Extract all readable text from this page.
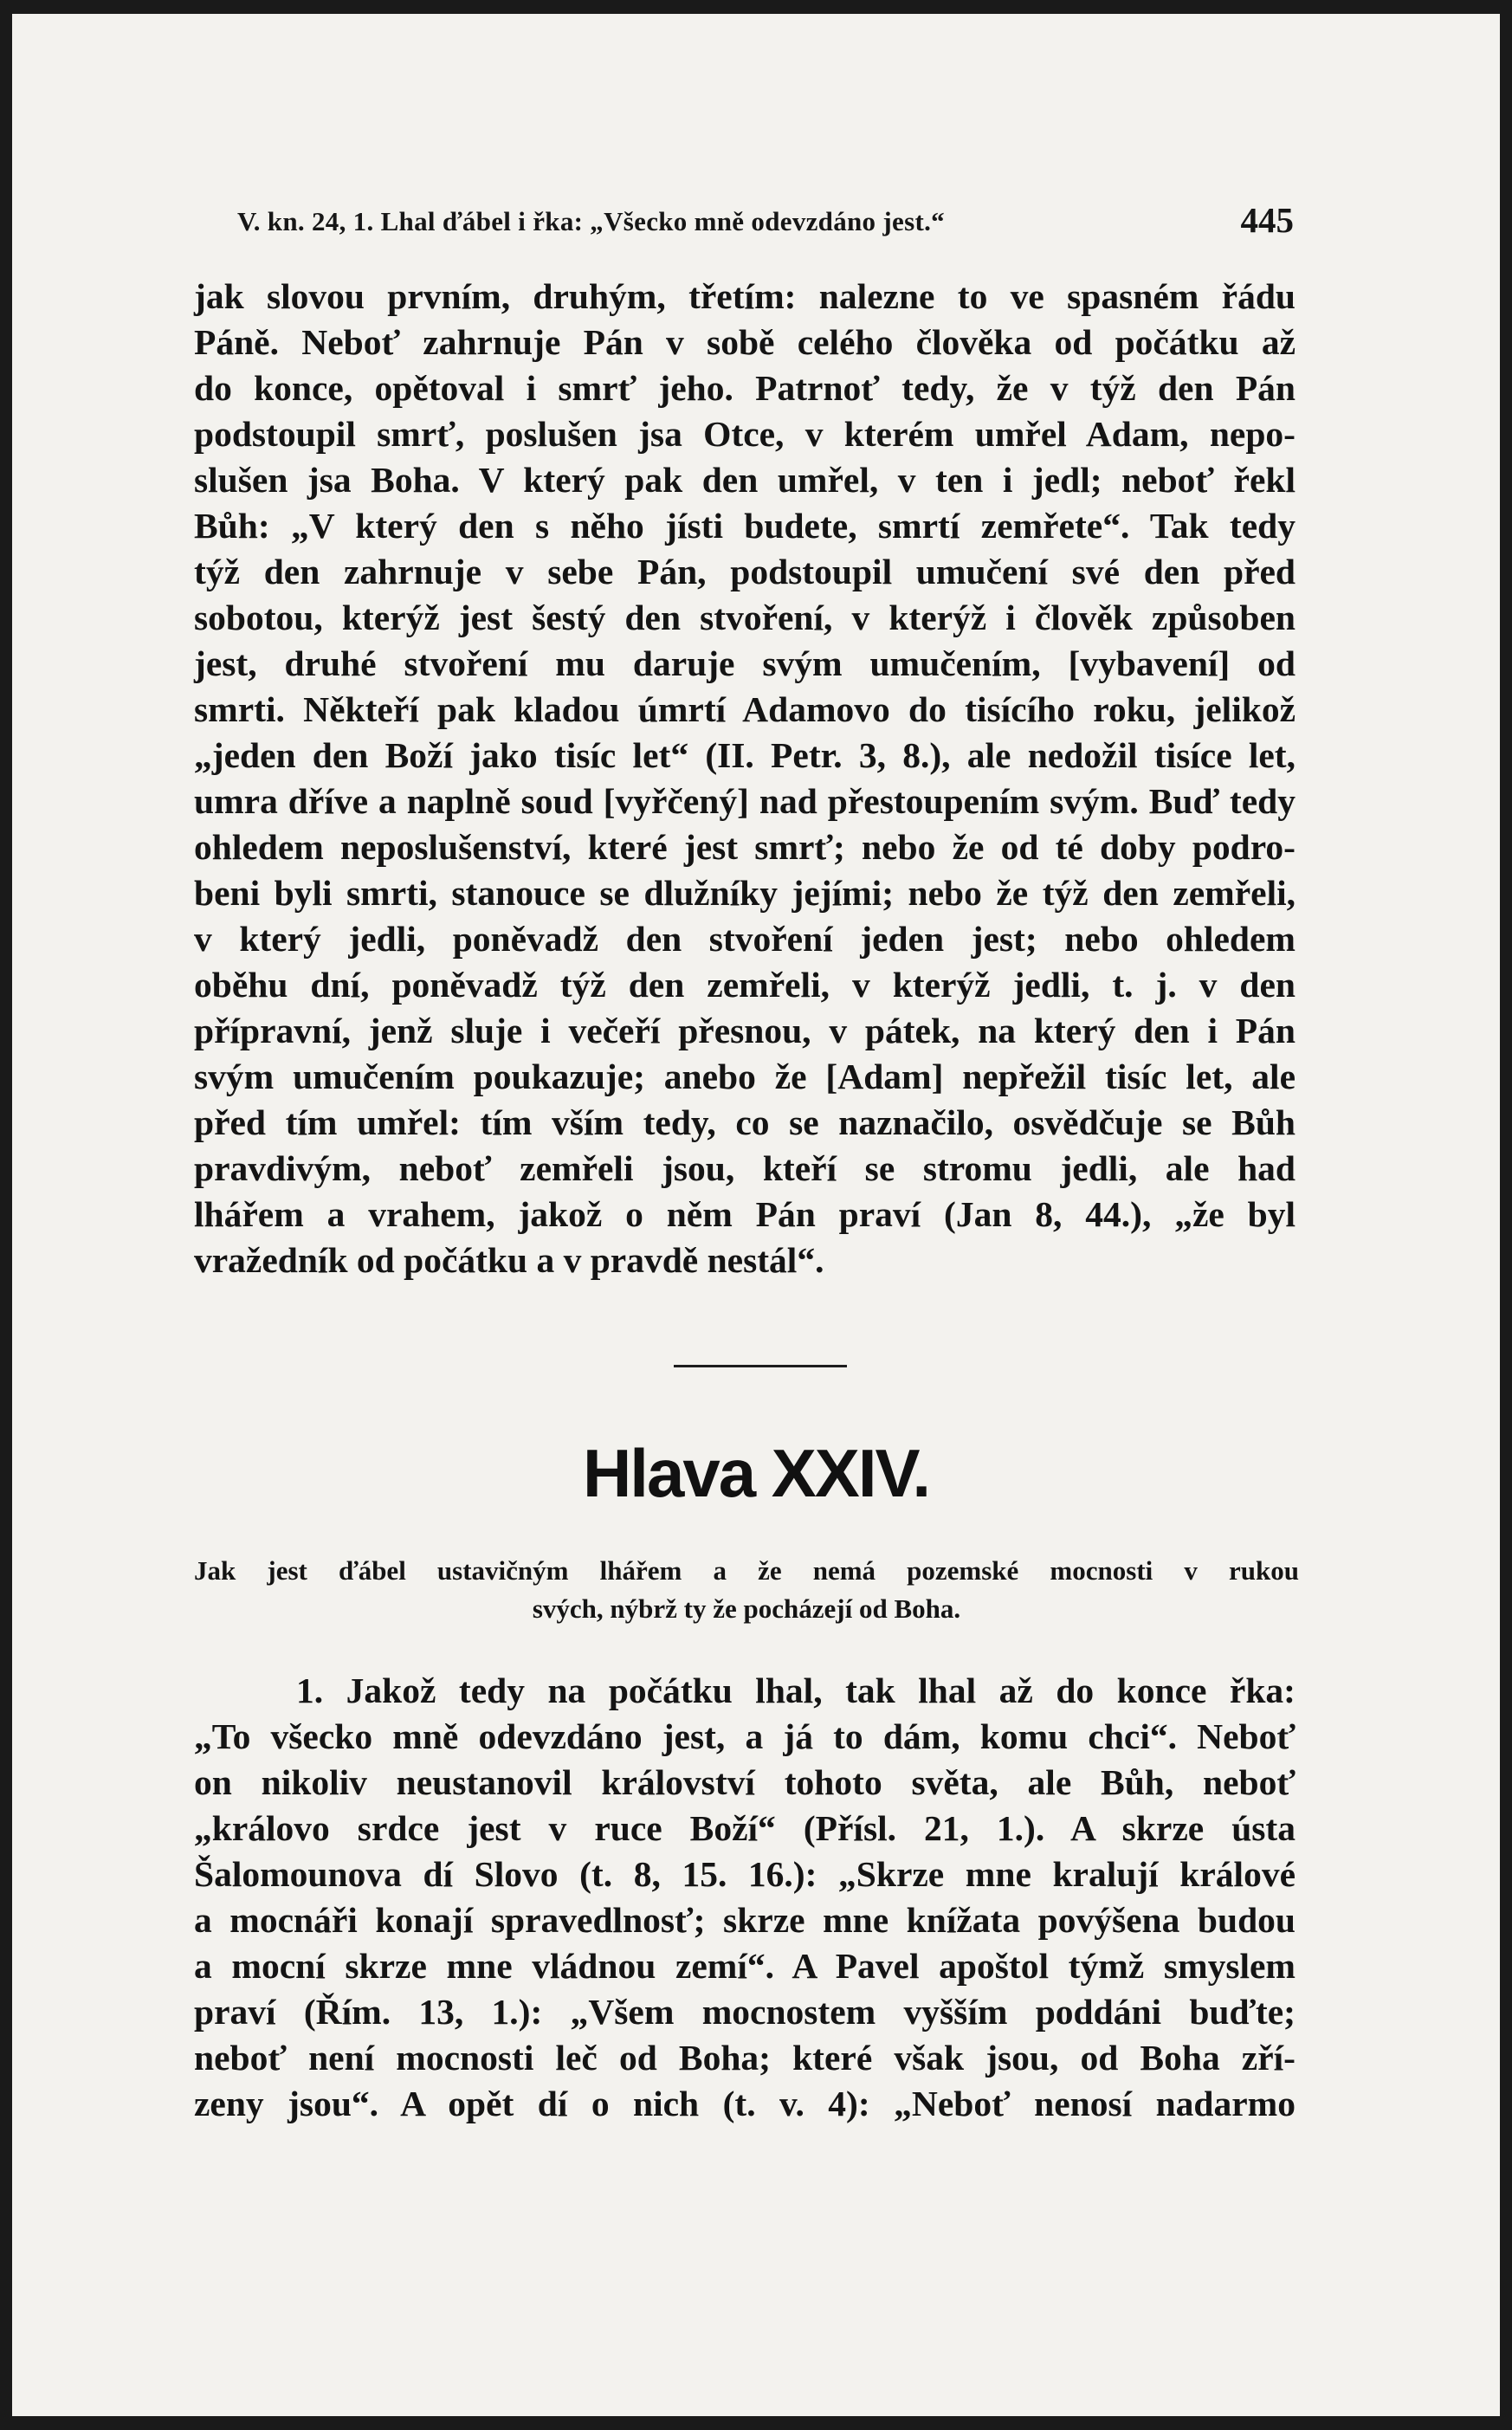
V. kn. 24, 1. Lhal ďábel i řka: „Všecko mně odevzdáno jest.“	445
jak slovou prvním, druhým, třetím: nalezne to ve spasném řádu
Páně. Neboť zahrnuje Pán v sobě celého člověka od počátku až
do konce, opětoval i smrť jeho. Patrnoť tedy, že v týž den Pán
podstoupil smrť, poslušen jsa Otce, v kterém umřel Adam, nepo-
slušen jsa Boha. V který pak den umřel, v ten i jedl; neboť řekl
Bůh: „V který den s něho jísti budete, smrtí zemřete“. Tak tedy
týž den zahrnuje v sebe Pán, podstoupil umučení své den před
sobotou, kterýž jest šestý den stvoření, v kterýž i člověk způsoben
jest, druhé stvoření mu daruje svým umučením, [vybavení] od
smrti. Někteří pak kladou úmrtí Adamovo do tisícího roku, jelikož
„jeden den Boží jako tisíc let“ (II. Petr. 3, 8.), ale nedožil tisíce let,
umra dříve a naplně soud [vyřčený] nad přestoupením svým. Buď tedy
ohledem neposlušenství, které jest smrť; nebo že od té doby podro-
beni byli smrti, stanouce se dlužníky jejími; nebo že týž den zemřeli,
v který jedli, poněvadž den stvoření jeden jest; nebo ohledem
oběhu dní, poněvadž týž den zemřeli, v kterýž jedli, t. j. v den
přípravní, jenž sluje i večeří přesnou, v pátek, na který den i Pán
svým umučením poukazuje; anebo že [Adam] nepřežil tisíc let, ale
před tím umřel: tím vším tedy, co se naznačilo, osvědčuje se Bůh
pravdivým, neboť zemřeli jsou, kteří se stromu jedli, ale had
lhářem a vrahem, jakož o něm Pán praví (Jan 8, 44.), „že byl
vražedník od počátku a v pravdě nestál“.
Hlava XXIV.
Jak jest ďábel ustavičným lhářem a že nemá pozemské mocnosti v rukou
svých, nýbrž ty že pocházejí od Boha.
1. Jakož tedy na počátku lhal, tak lhal až do konce řka:
„To všecko mně odevzdáno jest, a já to dám, komu chci“. Neboť
on nikoliv neustanovil království tohoto světa, ale Bůh, neboť
„královo srdce jest v ruce Boží“ (Přísl. 21, 1.). A skrze ústa
Šalomounova dí Slovo (t. 8, 15. 16.): „Skrze mne kralují králové
a mocnáři konají spravedlnosť; skrze mne knížata povýšena budou
a mocní skrze mne vládnou zemí“. A Pavel apoštol týmž smyslem
praví (Řím. 13, 1.): „Všem mocnostem vyšším poddáni buďte;
neboť není mocnosti leč od Boha; které však jsou, od Boha zří-
zeny jsou“. A opět dí o nich (t. v. 4): „Neboť nenosí nadarmo
